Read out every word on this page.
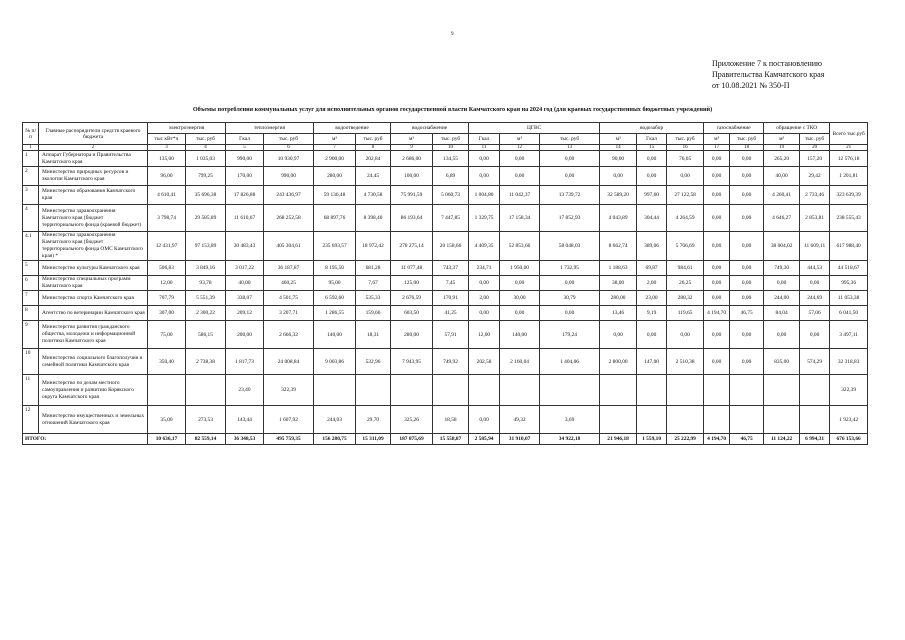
9
Приложение 7 к постановлению
Правительства Камчатского края
от 10.08.2021 № 350-П
Объемы потребления коммунальных услуг для исполнительных органов государственной власти Камчатского края на 2024 год (для краевых государственных бюджетных учреждений)
№ п/п	Главные распорядители средств краевого бюджета	электроэнергия		теплоэнергия		водоотведение		водоснабжение		ЦГВС			водозабор			газоснабжение		обращение с ТКО		Всего тыс.руб
		тыс кВт*ч	тыс. руб	Гкал	тыс. руб	м³	тыс. руб	м³	тыс. руб	Гкал	м³	тыс. руб	м³	Гкал	тыс. руб	м³	тыс. руб	м³	тыс. руб	
1	2	3	4	5	6	7	8	9	10	11	12	13	14	15	16	17	18	19	20	21
1	Аппарат Губернатора и Правительства Камчатского края	135,00	1 035,03	990,00	10 930,97	2 900,00	202,84	2 686,00	134,55	0,00	0,00	0,00	90,00	0,00	76,05	0,00	0,00	265,20	157,20	12 576,18
2	Министерство природных ресурсов и экологии Камчатского края	96,00	799,25	170,00	990,00	280,00	24,45	100,00	6,89	0,00	0,00	0,00	0,00	0,00	0,00	0,00	0,00	40,00	29,42	1 201,81
3	Министерство образования Камчатского края	4 610,41	35 696,38	17 826,88	243 436,97	59 136,48	4 730,58	75 991,59	5 060,73	1 004,80	11 042,37	13 739,72	32 589,20	997,60	27 122,58	0,00	0,00	4 260,41	2 733,46	323 639,39
4	Министерство здравоохранения Камчатского края (бюджет территориального фонда (краевой бюджет)	3 798,74	29 585,89	11 610,67	268 252,58	68 897,76	8 398,40	86 193,64	7 447,85	1 329,75	17 158,34	17 852,93	4 043,89	304,44	4 264,59	0,00	0,00	4 646,27	2 853,81	238 555,43
4.1	Министерство здравоохранения Камчатского края (бюджет территориального фонда ОМС Камчатского края) *	12 431,97	97 153,89	30 483,43	405 304,61	235 693,57	18 972,42	270 275,14	20 158,66	4 409,35	52 853,66	58 048,03	8 662,74	389,06	5 766,69	0,00	0,00	38 004,02	11 609,11	617 988,40
5	Министерство культуры Камчатского края	506,83	3 849,16	3 017,22	36 187,87	8 195,50	681,28	11 077,48	743,37	234,71	1 950,00	1 732,95	1 188,63	69,87	984,61	0,00	0,00	749,30	444,53	44 518,67
6	Министерство специальных программ Камчатского края	12,00	93,78	40,00	460,25	95,00	7,67	125,00	7,45	0,00	0,00	0,00	38,00	2,00	26,25	0,00	0,00	0,00	0,00	995,36
7	Министерство спорта Камчатского края	707,79	5 551,39	338,07	4 501,75	6 592,60	535,33	2 676,59	170,91	2,00	30,00	30,79	280,00	23,00	288,32	0,00	0,00	244,00	244,69	11 053,38
8	Агентство по ветеринарии Камчатского края	307,00	2 300,22	209,12	3 207,71	1 286,55	159,66	603,50	41,25	0,00	0,00	0,00	13,46	9,19	119,65	4 194,70	46,75	84,04	57,06	6 041,50
9	Министерство развития гражданского общества, молодежи и информационной политики Камчатского края	75,00	586,15	200,00	2 666,32	140,00	18,31	280,00	57,91	12,00	140,00	179,24	0,00	0,00	0,00	0,00	0,00	0,00	0,00	3 497,11
10	Министерство социального благополучия и семейной политики Камчатского края	350,40	2 738,38	1 817,73	24 008,84	9 003,86	532,96	7 943,95	749,92	202,58	2 160,04	1 404,06	2 800,00	147,00	2 510,38	0,00	0,00	835,00	574,29	32 318,83
11	Министерство по делам местного самоуправления и развитию Корякского округа Камчатского края			23,40	322,39															322,39
12	Министерство имущественных и земельных отношений Камчатского края	35,00	273,53	143,44	1 607,92	244,03	29,70	325,26	18,58	0,00	49,32	3,69								1 923,42
ИТОГО:		10 636,17	82 559,14	36 348,53	495 759,35	156 280,75	15 311,09	187 875,69	15 558,87	2 585,94	31 910,07	34 922,18	21 946,18	1 559,10	25 222,99	4 194,70	46,75	11 124,22	6 994,31	676 153,66
